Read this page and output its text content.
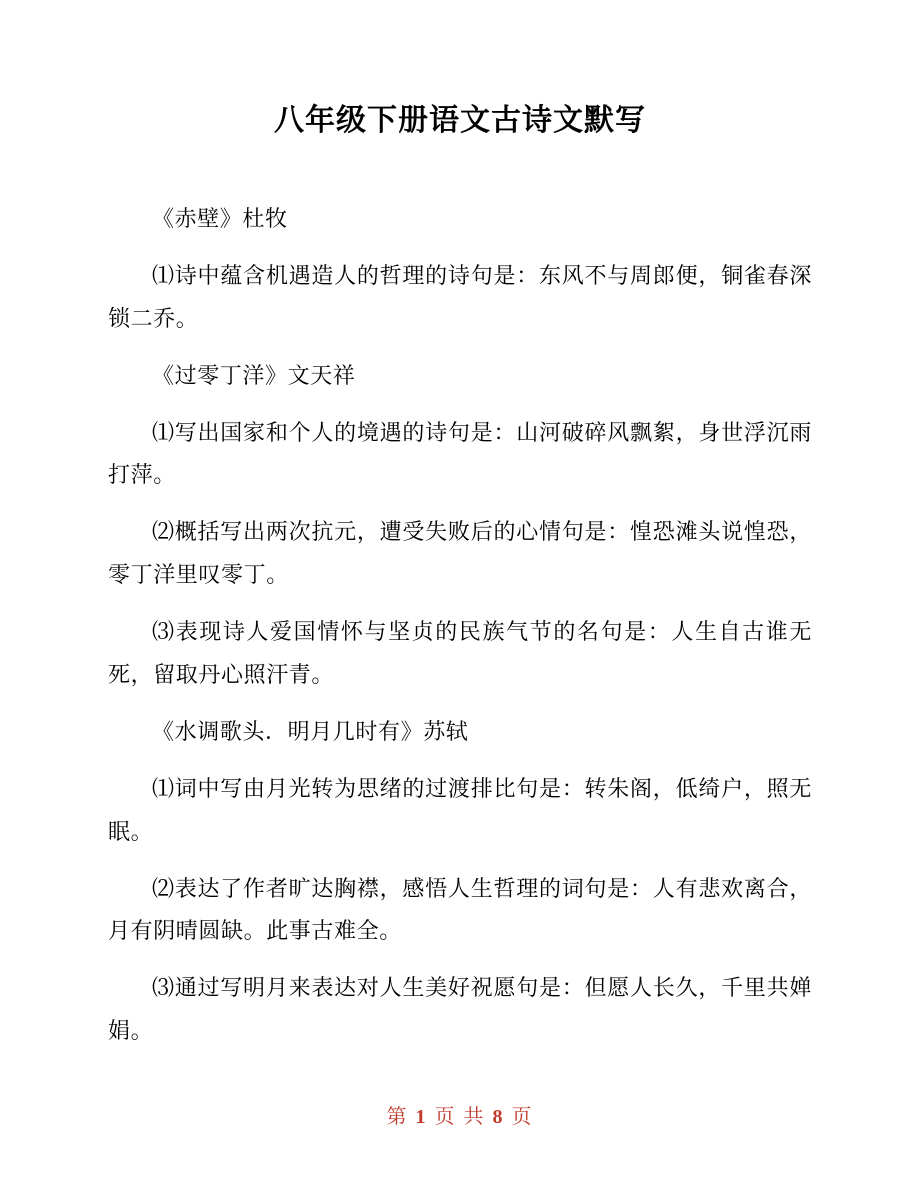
八年级下册语文古诗文默写

《赤壁》杜牧

⑴诗中蕴含机遇造人的哲理的诗句是：东风不与周郎便，铜雀春深锁二乔。

《过零丁洋》文天祥

⑴写出国家和个人的境遇的诗句是：山河破碎风飘絮，身世浮沉雨打萍。

⑵概括写出两次抗元，遭受失败后的心情句是：惶恐滩头说惶恐，零丁洋里叹零丁。

⑶表现诗人爱国情怀与坚贞的民族气节的名句是：人生自古谁无死，留取丹心照汗青。

《水调歌头．明月几时有》苏轼

⑴词中写由月光转为思绪的过渡排比句是：转朱阁，低绮户，照无眠。

⑵表达了作者旷达胸襟，感悟人生哲理的词句是：人有悲欢离合，月有阴晴圆缺。此事古难全。

⑶通过写明月来表达对人生美好祝愿句是：但愿人长久，千里共婵娟。

第 1 页 共 8 页
